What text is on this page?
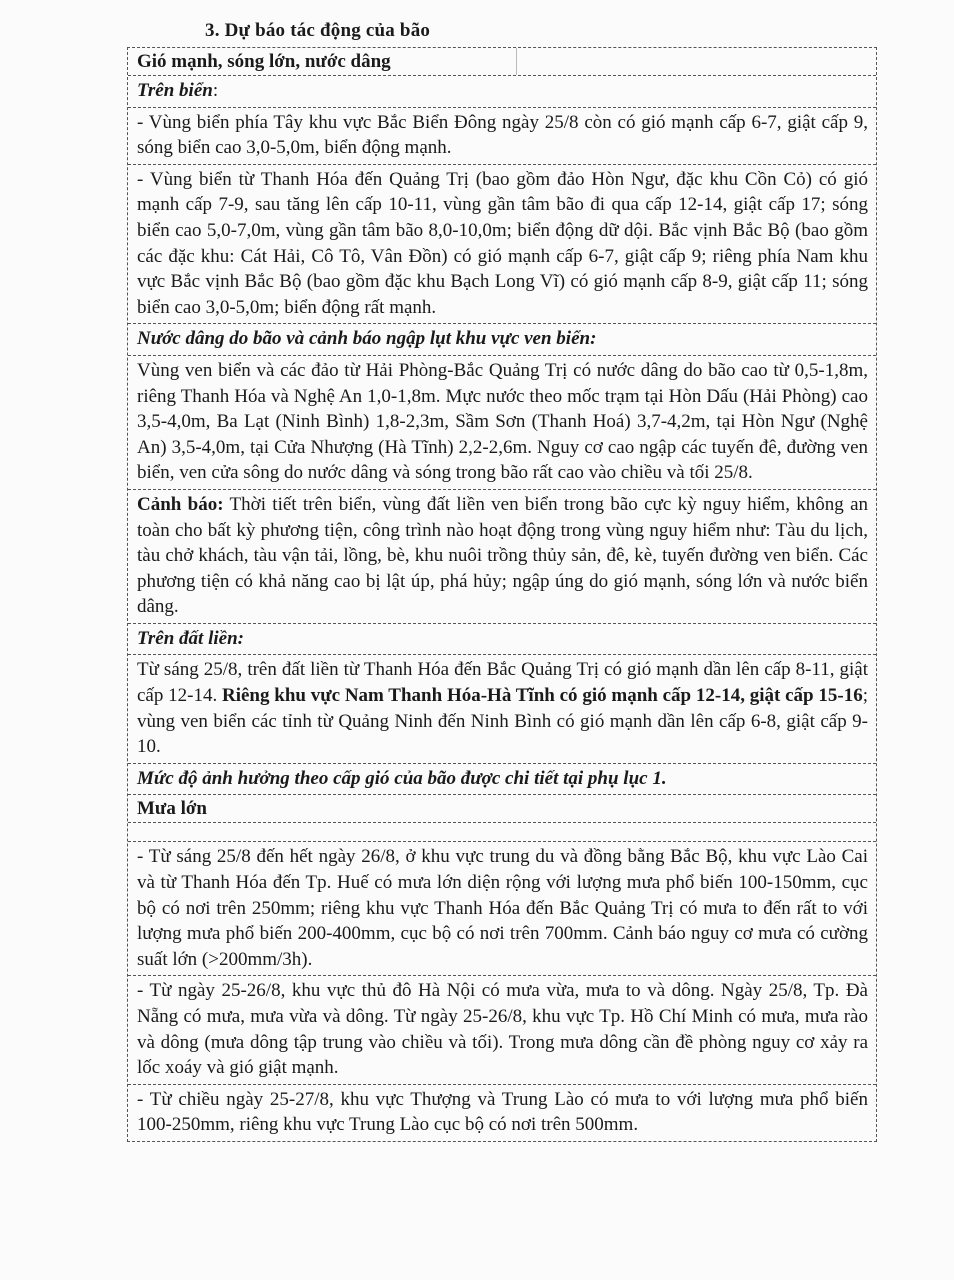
3. Dự báo tác động của bão
Gió mạnh, sóng lớn, nước dâng
Trên biển:
- Vùng biển phía Tây khu vực Bắc Biển Đông ngày 25/8 còn có gió mạnh cấp 6-7, giật cấp 9, sóng biển cao 3,0-5,0m, biển động mạnh.
- Vùng biển từ Thanh Hóa đến Quảng Trị (bao gồm đảo Hòn Ngư, đặc khu Cồn Cỏ) có gió mạnh cấp 7-9, sau tăng lên cấp 10-11, vùng gần tâm bão đi qua cấp 12-14, giật cấp 17; sóng biển cao 5,0-7,0m, vùng gần tâm bão 8,0-10,0m; biển động dữ dội. Bắc vịnh Bắc Bộ (bao gồm các đặc khu: Cát Hải, Cô Tô, Vân Đồn) có gió mạnh cấp 6-7, giật cấp 9; riêng phía Nam khu vực Bắc vịnh Bắc Bộ (bao gồm đặc khu Bạch Long Vĩ) có gió mạnh cấp 8-9, giật cấp 11; sóng biển cao 3,0-5,0m; biển động rất mạnh.
Nước dâng do bão và cảnh báo ngập lụt khu vực ven biển:
Vùng ven biển và các đảo từ Hải Phòng-Bắc Quảng Trị có nước dâng do bão cao từ 0,5-1,8m, riêng Thanh Hóa và Nghệ An 1,0-1,8m. Mực nước theo mốc trạm tại Hòn Dấu (Hải Phòng) cao 3,5-4,0m, Ba Lạt (Ninh Bình) 1,8-2,3m, Sầm Sơn (Thanh Hoá) 3,7-4,2m, tại Hòn Ngư (Nghệ An) 3,5-4,0m, tại Cửa Nhượng (Hà Tĩnh) 2,2-2,6m. Nguy cơ cao ngập các tuyến đê, đường ven biển, ven cửa sông do nước dâng và sóng trong bão rất cao vào chiều và tối 25/8.
Cảnh báo: Thời tiết trên biển, vùng đất liền ven biển trong bão cực kỳ nguy hiểm, không an toàn cho bất kỳ phương tiện, công trình nào hoạt động trong vùng nguy hiểm như: Tàu du lịch, tàu chở khách, tàu vận tải, lồng, bè, khu nuôi trồng thủy sản, đê, kè, tuyến đường ven biển. Các phương tiện có khả năng cao bị lật úp, phá hủy; ngập úng do gió mạnh, sóng lớn và nước biển dâng.
Trên đất liền:
Từ sáng 25/8, trên đất liền từ Thanh Hóa đến Bắc Quảng Trị có gió mạnh dần lên cấp 8-11, giật cấp 12-14. Riêng khu vực Nam Thanh Hóa-Hà Tĩnh có gió mạnh cấp 12-14, giật cấp 15-16; vùng ven biển các tỉnh từ Quảng Ninh đến Ninh Bình có gió mạnh dần lên cấp 6-8, giật cấp 9-10.
Mức độ ảnh hưởng theo cấp gió của bão được chi tiết tại phụ lục 1.
Mưa lớn
- Từ sáng 25/8 đến hết ngày 26/8, ở khu vực trung du và đồng bằng Bắc Bộ, khu vực Lào Cai và từ Thanh Hóa đến Tp. Huế có mưa lớn diện rộng với lượng mưa phổ biến 100-150mm, cục bộ có nơi trên 250mm; riêng khu vực Thanh Hóa đến Bắc Quảng Trị có mưa to đến rất to với lượng mưa phổ biến 200-400mm, cục bộ có nơi trên 700mm. Cảnh báo nguy cơ mưa có cường suất lớn (>200mm/3h).
- Từ ngày 25-26/8, khu vực thủ đô Hà Nội có mưa vừa, mưa to và dông. Ngày 25/8, Tp. Đà Nẵng có mưa, mưa vừa và dông. Từ ngày 25-26/8, khu vực Tp. Hồ Chí Minh có mưa, mưa rào và dông (mưa dông tập trung vào chiều và tối). Trong mưa dông cần đề phòng nguy cơ xảy ra lốc xoáy và gió giật mạnh.
- Từ chiều ngày 25-27/8, khu vực Thượng và Trung Lào có mưa to với lượng mưa phổ biến 100-250mm, riêng khu vực Trung Lào cục bộ có nơi trên 500mm.
